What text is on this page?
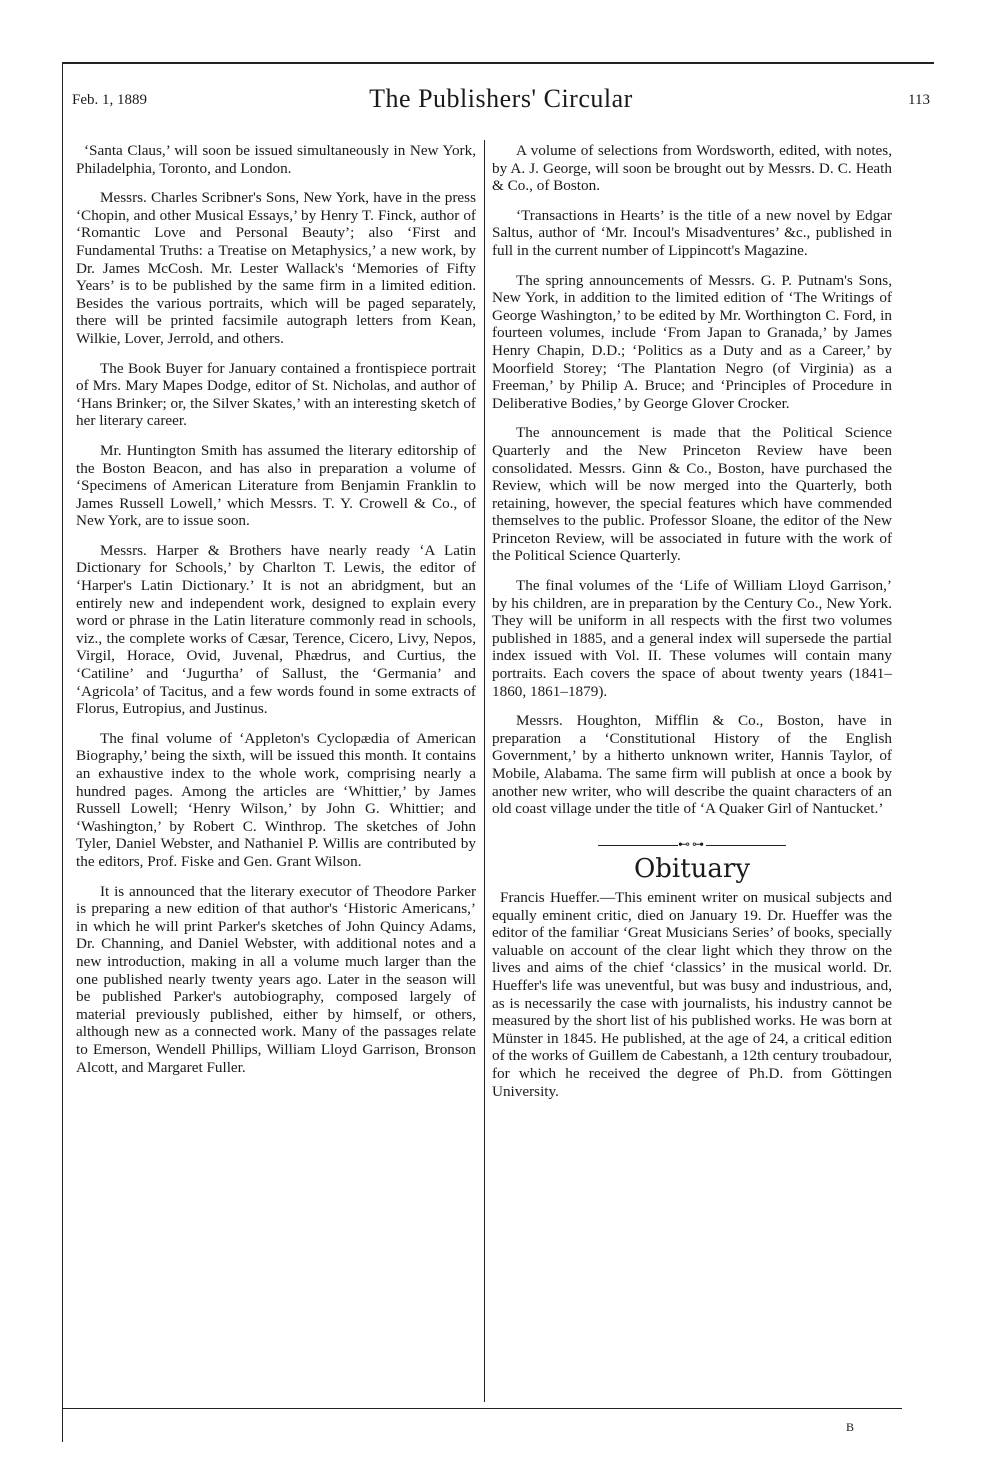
Feb. 1, 1889	The Publishers' Circular	113

‘Santa Claus,’ will soon be issued simultaneously in New York, Philadelphia, Toronto, and London.

Messrs. Charles Scribner's Sons, New York, have in the press ‘Chopin, and other Musical Essays,’ by Henry T. Finck, author of ‘Romantic Love and Personal Beauty’; also ‘First and Fundamental Truths: a Treatise on Metaphysics,’ a new work, by Dr. James McCosh. Mr. Lester Wallack's ‘Memories of Fifty Years’ is to be published by the same firm in a limited edition. Besides the various portraits, which will be paged separately, there will be printed facsimile autograph letters from Kean, Wilkie, Lover, Jerrold, and others.

The Book Buyer for January contained a frontispiece portrait of Mrs. Mary Mapes Dodge, editor of St. Nicholas, and author of ‘Hans Brinker; or, the Silver Skates,’ with an interesting sketch of her literary career.

Mr. Huntington Smith has assumed the literary editorship of the Boston Beacon, and has also in preparation a volume of ‘Specimens of American Literature from Benjamin Franklin to James Russell Lowell,’ which Messrs. T. Y. Crowell & Co., of New York, are to issue soon.

Messrs. Harper & Brothers have nearly ready ‘A Latin Dictionary for Schools,’ by Charlton T. Lewis, the editor of ‘Harper's Latin Dictionary.’ It is not an abridgment, but an entirely new and independent work, designed to explain every word or phrase in the Latin literature commonly read in schools, viz., the complete works of Cæsar, Terence, Cicero, Livy, Nepos, Virgil, Horace, Ovid, Juvenal, Phædrus, and Curtius, the ‘Catiline’ and ‘Jugurtha’ of Sallust, the ‘Germania’ and ‘Agricola’ of Tacitus, and a few words found in some extracts of Florus, Eutropius, and Justinus.

The final volume of ‘Appleton's Cyclopædia of American Biography,’ being the sixth, will be issued this month. It contains an exhaustive index to the whole work, comprising nearly a hundred pages. Among the articles are ‘Whittier,’ by James Russell Lowell; ‘Henry Wilson,’ by John G. Whittier; and ‘Washington,’ by Robert C. Winthrop. The sketches of John Tyler, Daniel Webster, and Nathaniel P. Willis are contributed by the editors, Prof. Fiske and Gen. Grant Wilson.

It is announced that the literary executor of Theodore Parker is preparing a new edition of that author's ‘Historic Americans,’ in which he will print Parker's sketches of John Quincy Adams, Dr. Channing, and Daniel Webster, with additional notes and a new introduction, making in all a volume much larger than the one published nearly twenty years ago. Later in the season will be published Parker's autobiography, composed largely of material previously published, either by himself, or others, although new as a connected work. Many of the passages relate to Emerson, Wendell Phillips, William Lloyd Garrison, Bronson Alcott, and Margaret Fuller.

A volume of selections from Wordsworth, edited, with notes, by A. J. George, will soon be brought out by Messrs. D. C. Heath & Co., of Boston.

‘Transactions in Hearts’ is the title of a new novel by Edgar Saltus, author of ‘Mr. Incoul's Misadventures’ &c., published in full in the current number of Lippincott's Magazine.

The spring announcements of Messrs. G. P. Putnam's Sons, New York, in addition to the limited edition of ‘The Writings of George Washington,’ to be edited by Mr. Worthington C. Ford, in fourteen volumes, include ‘From Japan to Granada,’ by James Henry Chapin, D.D.; ‘Politics as a Duty and as a Career,’ by Moorfield Storey; ‘The Plantation Negro (of Virginia) as a Freeman,’ by Philip A. Bruce; and ‘Principles of Procedure in Deliberative Bodies,’ by George Glover Crocker.

The announcement is made that the Political Science Quarterly and the New Princeton Review have been consolidated. Messrs. Ginn & Co., Boston, have purchased the Review, which will be now merged into the Quarterly, both retaining, however, the special features which have commended themselves to the public. Professor Sloane, the editor of the New Princeton Review, will be associated in future with the work of the Political Science Quarterly.

The final volumes of the ‘Life of William Lloyd Garrison,’ by his children, are in preparation by the Century Co., New York. They will be uniform in all respects with the first two volumes published in 1885, and a general index will supersede the partial index issued with Vol. II. These volumes will contain many portraits. Each covers the space of about twenty years (1841–1860, 1861–1879).

Messrs. Houghton, Mifflin & Co., Boston, have in preparation a ‘Constitutional History of the English Government,’ by a hitherto unknown writer, Hannis Taylor, of Mobile, Alabama. The same firm will publish at once a book by another new writer, who will describe the quaint characters of an old coast village under the title of ‘A Quaker Girl of Nantucket.’

⊷⊶
Obituary

Francis Hueffer.—This eminent writer on musical subjects and equally eminent critic, died on January 19. Dr. Hueffer was the editor of the familiar ‘Great Musicians Series’ of books, specially valuable on account of the clear light which they throw on the lives and aims of the chief ‘classics’ in the musical world. Dr. Hueffer's life was uneventful, but was busy and industrious, and, as is necessarily the case with journalists, his industry cannot be measured by the short list of his published works. He was born at Münster in 1845. He published, at the age of 24, a critical edition of the works of Guillem de Cabestanh, a 12th century troubadour, for which he received the degree of Ph.D. from Göttingen University.

B
